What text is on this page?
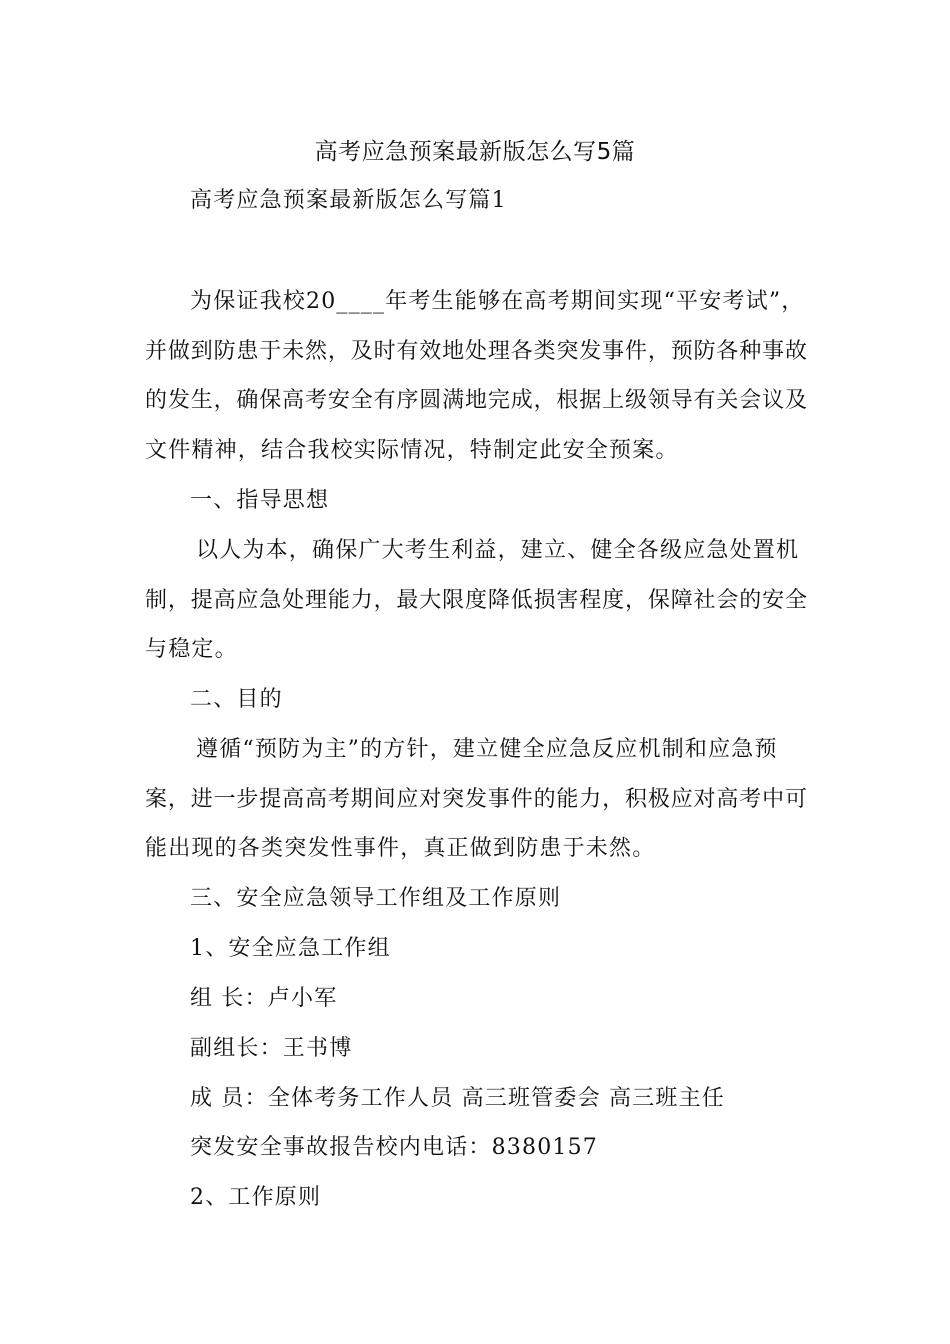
高考应急预案最新版怎么写5篇

高考应急预案最新版怎么写篇1

为保证我校20____年考生能够在高考期间实现“平安考试”，

并做到防患于未然，及时有效地处理各类突发事件，预防各种事故

的发生，确保高考安全有序圆满地完成，根据上级领导有关会议及

文件精神，结合我校实际情况，特制定此安全预案。

一、指导思想

以人为本，确保广大考生利益，建立、健全各级应急处置机

制，提高应急处理能力，最大限度降低损害程度，保障社会的安全

与稳定。

二、目的

遵循“预防为主”的方针，建立健全应急反应机制和应急预

案，进一步提高高考期间应对突发事件的能力，积极应对高考中可

能出现的各类突发性事件，真正做到防患于未然。

三、安全应急领导工作组及工作原则

1、安全应急工作组

组 长：卢小军

副组长：王书博

成 员：全体考务工作人员 高三班管委会 高三班主任

突发安全事故报告校内电话：8380157

2、工作原则
